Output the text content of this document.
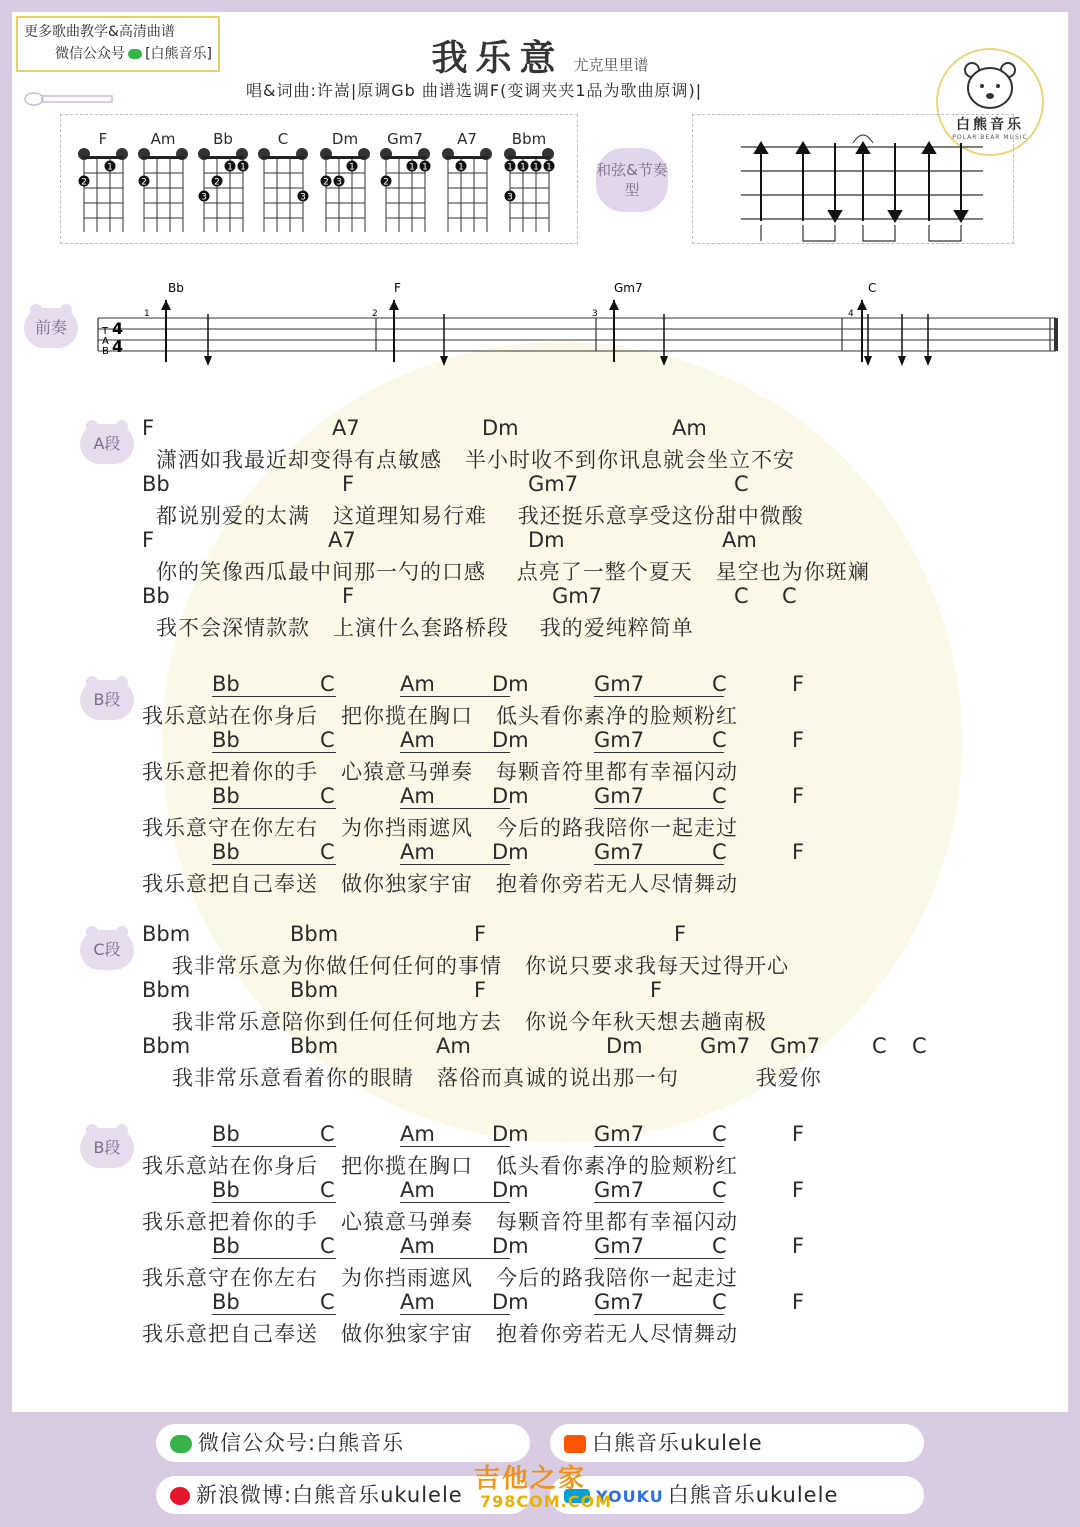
更多歌曲教学&高清曲谱
微信公众号 [白熊音乐]	我乐意 尤克里里谱
唱&词曲:许嵩|原调Gb 曲谱选调F(变调夹夹1品为歌曲原调)|
白熊音乐
POLAR BEAR MUSIC
F
2
1
Am
2
Bb
1 1
2
3
C
3
Dm
2 3
1
Gm7
2
1 1
A7
1
Bbm
1 1 1 1
3
和弦&节奏型
前奏	T
A
B
4
4
Bb
1
F
2
Gm7
3
C
4
A段
F	A7	Dm	Am
潇洒如我最近却变得有点敏感   半小时收不到你讯息就会坐立不安
Bb	F	Gm7	C
都说别爱的太满   这道理知易行难    我还挺乐意享受这份甜中微酸
F	A7	Dm	Am
你的笑像西瓜最中间那一勺的口感    点亮了一整个夏天   星空也为你斑斓
Bb	F	Gm7	C C
我不会深情款款   上演什么套路桥段    我的爱纯粹简单
B段
Bb	C	Am	Dm	Gm7	C	F
我乐意站在你身后   把你揽在胸口   低头看你素净的脸颊粉红
Bb	C	Am	Dm	Gm7	C	F
我乐意把着你的手   心猿意马弹奏   每颗音符里都有幸福闪动
Bb	C	Am	Dm	Gm7	C	F
我乐意守在你左右   为你挡雨遮风   今后的路我陪你一起走过
Bb	C	Am	Dm	Gm7	C	F
我乐意把自己奉送   做你独家宇宙   抱着你旁若无人尽情舞动
C段
Bbm	Bbm	F	F
我非常乐意为你做任何任何的事情   你说只要求我每天过得开心
Bbm	Bbm	F	F
我非常乐意陪你到任何任何地方去   你说今年秋天想去趟南极
Bbm	Bbm	Am	Dm	Gm7 Gm7 C C
我非常乐意看着你的眼睛   落俗而真诚的说出那一句          我爱你
B段
Bb	C	Am	Dm	Gm7	C	F
我乐意站在你身后   把你揽在胸口   低头看你素净的脸颊粉红
Bb	C	Am	Dm	Gm7	C	F
我乐意把着你的手   心猿意马弹奏   每颗音符里都有幸福闪动
Bb	C	Am	Dm	Gm7	C	F
我乐意守在你左右   为你挡雨遮风   今后的路我陪你一起走过
Bb	C	Am	Dm	Gm7	C	F
我乐意把自己奉送   做你独家宇宙   抱着你旁若无人尽情舞动
微信公众号:白熊音乐	白熊音乐ukulele
新浪微博:白熊音乐ukulele	YOUKU 白熊音乐ukulele
吉他之家
798COM.COM
